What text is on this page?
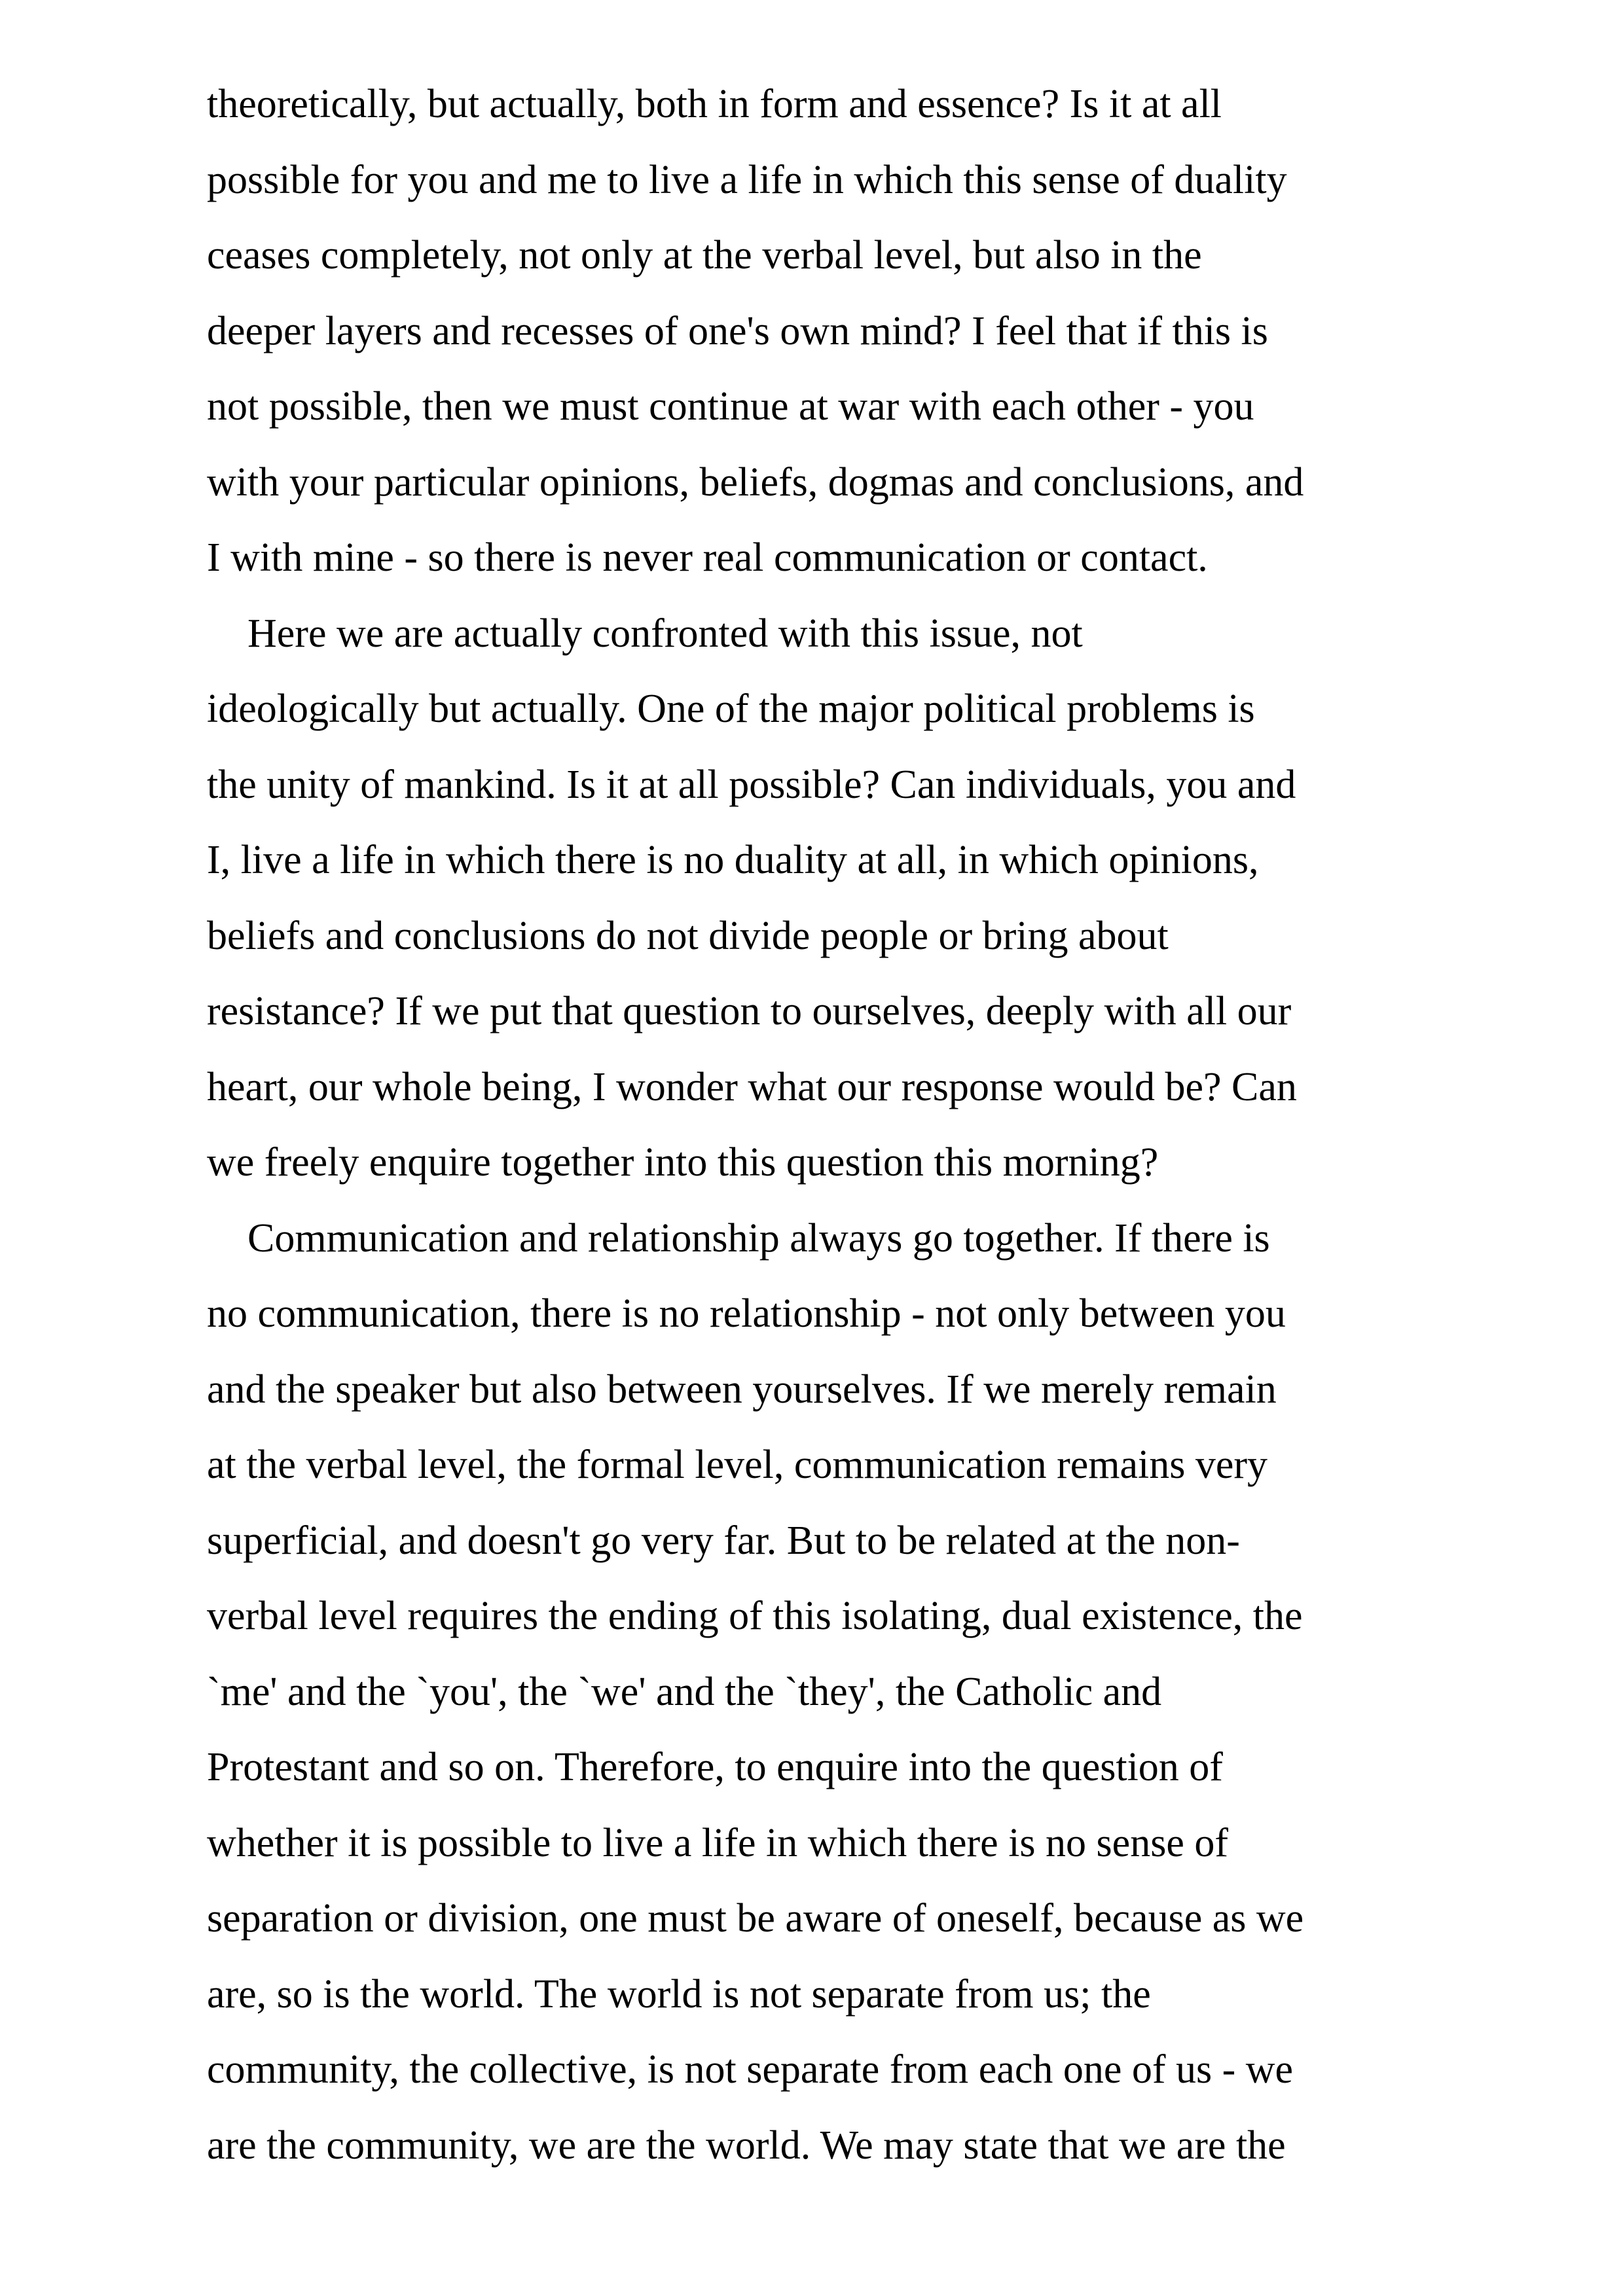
theoretically, but actually, both in form and essence? Is it at all
possible for you and me to live a life in which this sense of duality
ceases completely, not only at the verbal level, but also in the
deeper layers and recesses of one's own mind? I feel that if this is
not possible, then we must continue at war with each other - you
with your particular opinions, beliefs, dogmas and conclusions, and
I with mine - so there is never real communication or contact.
Here we are actually confronted with this issue, not
ideologically but actually. One of the major political problems is
the unity of mankind. Is it at all possible? Can individuals, you and
I, live a life in which there is no duality at all, in which opinions,
beliefs and conclusions do not divide people or bring about
resistance? If we put that question to ourselves, deeply with all our
heart, our whole being, I wonder what our response would be? Can
we freely enquire together into this question this morning?
Communication and relationship always go together. If there is
no communication, there is no relationship - not only between you
and the speaker but also between yourselves. If we merely remain
at the verbal level, the formal level, communication remains very
superficial, and doesn't go very far. But to be related at the non-
verbal level requires the ending of this isolating, dual existence, the
`me' and the `you', the `we' and the `they', the Catholic and
Protestant and so on. Therefore, to enquire into the question of
whether it is possible to live a life in which there is no sense of
separation or division, one must be aware of oneself, because as we
are, so is the world. The world is not separate from us; the
community, the collective, is not separate from each one of us - we
are the community, we are the world. We may state that we are the
